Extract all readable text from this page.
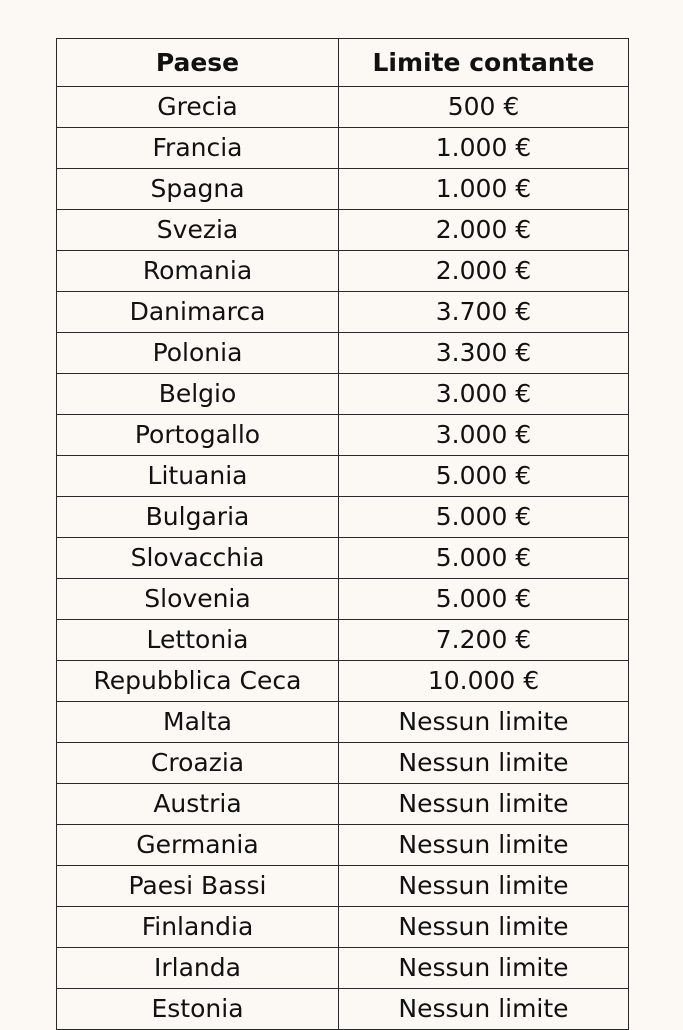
Paese	Limite contante
Grecia	500 €
Francia	1.000 €
Spagna	1.000 €
Svezia	2.000 €
Romania	2.000 €
Danimarca	3.700 €
Polonia	3.300 €
Belgio	3.000 €
Portogallo	3.000 €
Lituania	5.000 €
Bulgaria	5.000 €
Slovacchia	5.000 €
Slovenia	5.000 €
Lettonia	7.200 €
Repubblica Ceca	10.000 €
Malta	Nessun limite
Croazia	Nessun limite
Austria	Nessun limite
Germania	Nessun limite
Paesi Bassi	Nessun limite
Finlandia	Nessun limite
Irlanda	Nessun limite
Estonia	Nessun limite
